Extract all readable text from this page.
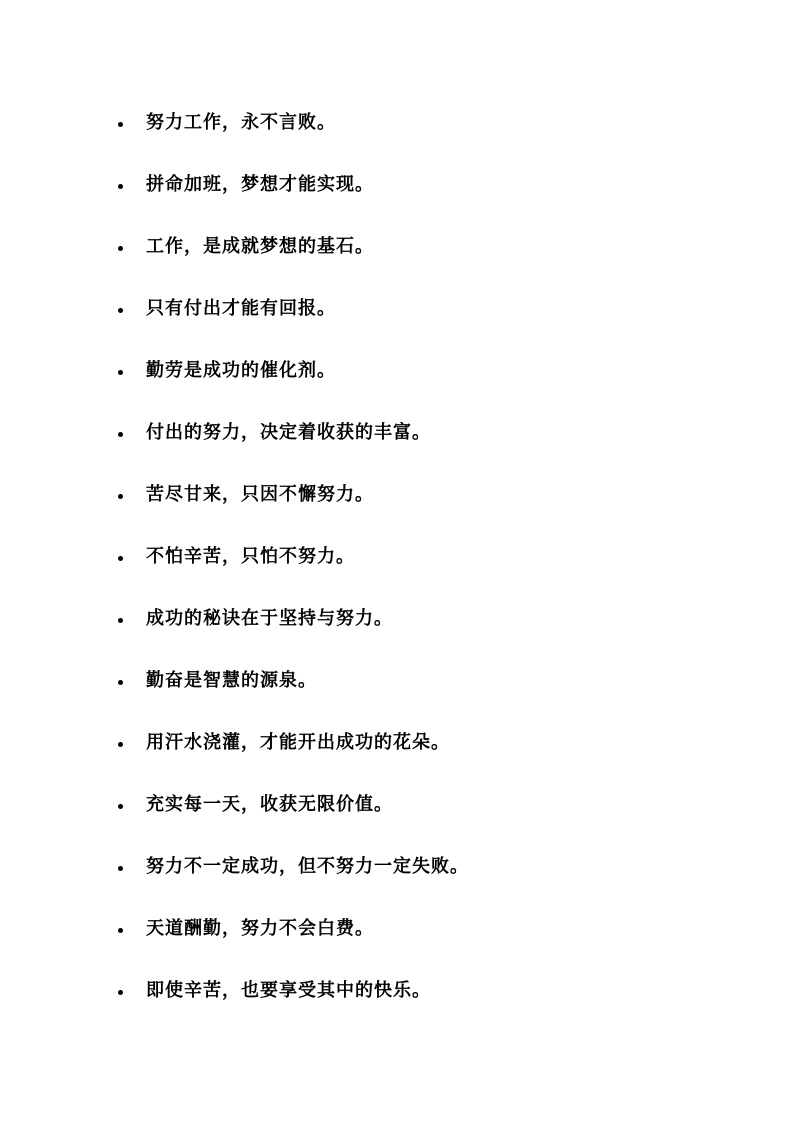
努力工作，永不言败。
拼命加班，梦想才能实现。
工作，是成就梦想的基石。
只有付出才能有回报。
勤劳是成功的催化剂。
付出的努力，决定着收获的丰富。
苦尽甘来，只因不懈努力。
不怕辛苦，只怕不努力。
成功的秘诀在于坚持与努力。
勤奋是智慧的源泉。
用汗水浇灌，才能开出成功的花朵。
充实每一天，收获无限价值。
努力不一定成功，但不努力一定失败。
天道酬勤，努力不会白费。
即使辛苦，也要享受其中的快乐。
